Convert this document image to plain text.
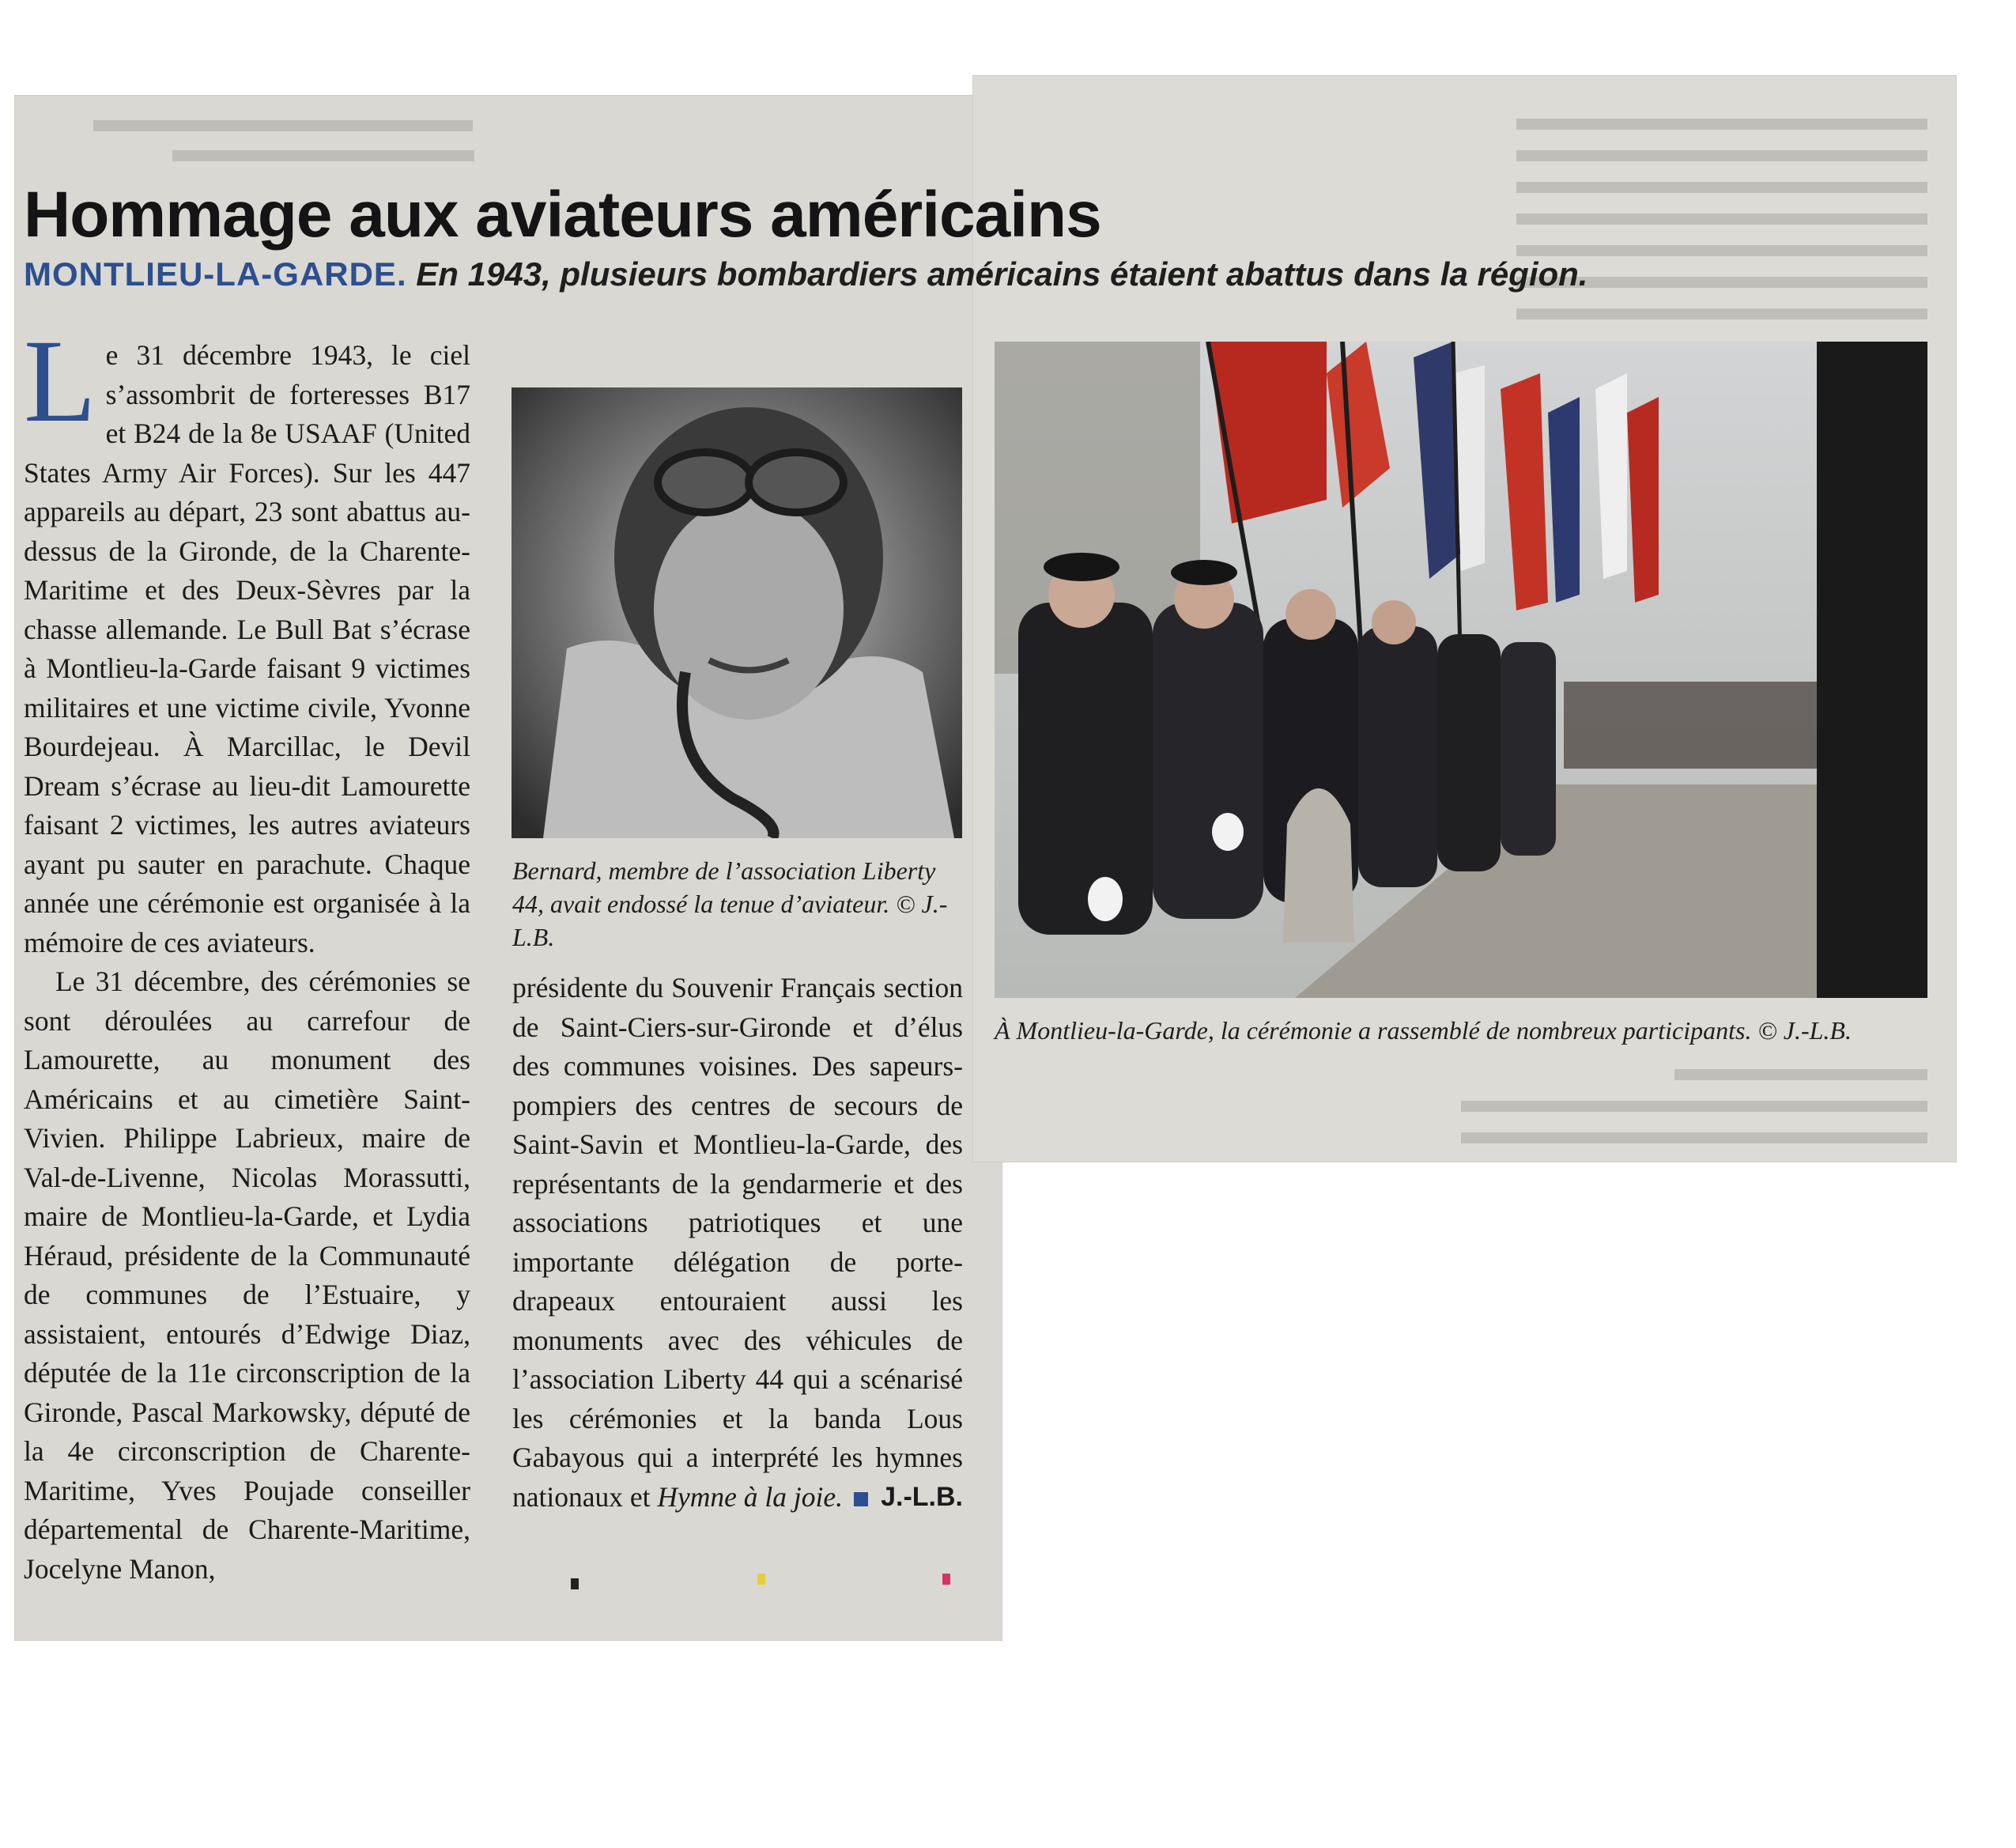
Hommage aux aviateurs américains
MONTLIEU-LA-GARDE. En 1943, plusieurs bombardiers américains étaient abattus dans la région.

L e 31 décembre 1943, le ciel s’assombrit de forteresses B17 et B24 de la 8e USAAF (United States Army Air Forces). Sur les 447 appareils au départ, 23 sont abattus au-dessus de la Gironde, de la Charente-Maritime et des Deux-Sèvres par la chasse allemande. Le Bull Bat s’écrase à Montlieu-la-Garde faisant 9 victimes militaires et une victime civile, Yvonne Bourdejeau. À Marcillac, le Devil Dream s’écrase au lieu-dit Lamourette faisant 2 victimes, les autres aviateurs ayant pu sauter en parachute. Chaque année une cérémonie est organisée à la mémoire de ces aviateurs.

Le 31 décembre, des cérémonies se sont déroulées au carrefour de Lamourette, au monument des Américains et au cimetière Saint-Vivien. Philippe Labrieux, maire de Val-de-Livenne, Nicolas Morassutti, maire de Montlieu-la-Garde, et Lydia Héraud, présidente de la Communauté de communes de l’Estuaire, y assistaient, entourés d’Edwige Diaz, députée de la 11e circonscription de la Gironde, Pascal Markowsky, député de la 4e circonscription de Charente-Maritime, Yves Poujade conseiller départemental de Charente-Maritime, Jocelyne Manon,

Bernard, membre de l’association Liberty 44, avait endossé la tenue d’aviateur. © J.-L.B.
À Montlieu-la-Garde, la cérémonie a rassemblé de nombreux participants. © J.-L.B.

présidente du Souvenir Français section de Saint-Ciers-sur-Gironde et d’élus des communes voisines. Des sapeurs-pompiers des centres de secours de Saint-Savin et Montlieu-la-Garde, des représentants de la gendarmerie et des associations patriotiques et une importante délégation de porte-drapeaux entouraient aussi les monuments avec des véhicules de l’association Liberty 44 qui a scénarisé les cérémonies et la banda Lous Gabayous qui a interprété les hymnes nationaux et Hymne à la joie. J.-L.B.
